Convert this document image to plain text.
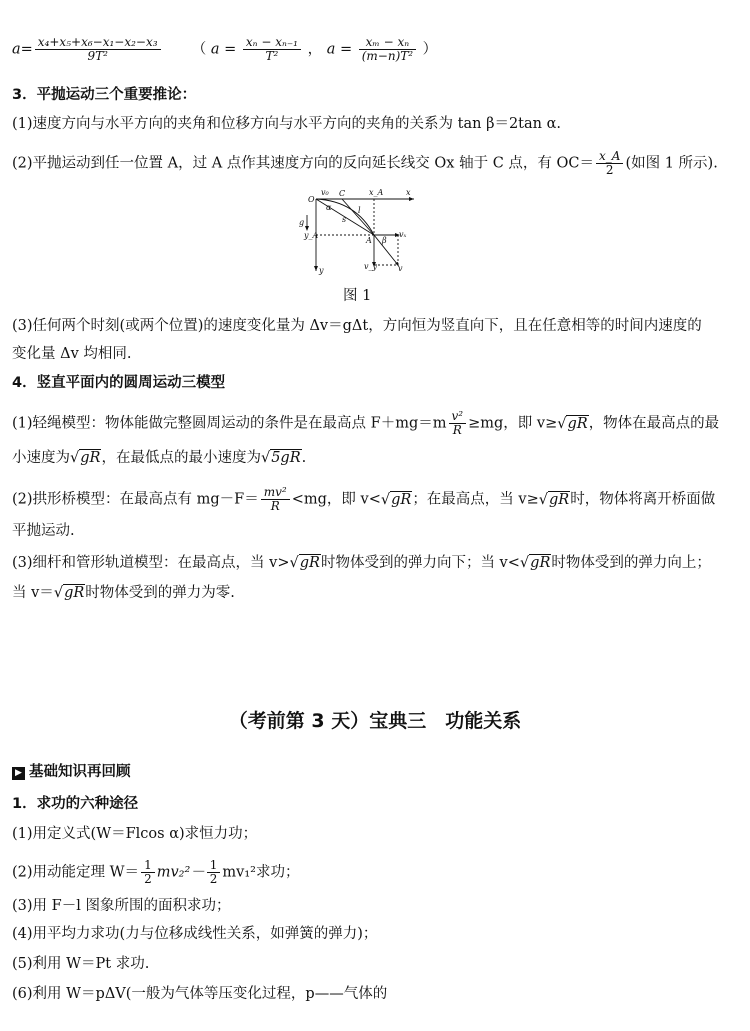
$a= \frac{\text{x₄+x₅+x₆−x₁−x₂−x₃}}{\text{9T²}}$ （ $a = \frac{\text{xₙ − xₙ₋₁}}{\text{T²}}$ ， $a = \frac{\text{xₘ − xₙ}}{\text{(m−n)T²}}$ ）
3．平抛运动三个重要推论：
(1)速度方向与水平方向的夹角和位移方向与水平方向的夹角的关系为 tan β＝2tan α.
(2)平抛运动到任一位置 A，过 A 点作其速度方向的反向延长线交 Ox 轴于 C 点，有 $OC= \frac{x\_A}{2}$ (如图 1 所示).
O
v₀ C	x_A	x
g
α
s
l
y_A
A β
vₓ
v_y	v
y
图 1
(3)任何两个时刻(或两个位置)的速度变化量为 Δv＝gΔt，方向恒为竖直向下，且在任意相等的时间内速度的
变化量 Δv 均相同.
4．竖直平面内的圆周运动三模型
(1)轻绳模型：物体能做完整圆周运动的条件是在最高点 $F+mg=m \frac{\text{v²}}{R} \ge mg$，即 v≥√gR，物体在最高点的最
小速度为√gR，在最低点的最小速度为√5gR.
(2)拱形桥模型：在最高点有 $mg-F= \frac{\text{mv²}}{R} <mg$，即 v<√gR；在最高点，当 v≥√gR时，物体将离开桥面做
平抛运动.
(3)细杆和管形轨道模型：在最高点，当 v>√gR时物体受到的弹力向下；当 v<√gR时物体受到的弹力向上；
当 v＝√gR时物体受到的弹力为零.
（考前第 3 天）宝典三　功能关系
▶ 基础知识再回顾
1．求功的六种途径
(1)用定义式(W＝Flcos α)求恒力功；
(2)用动能定理 $W= \frac{1}{2} mv_2^2- \frac{1}{2} mv_1^2$求功；
(3)用 F－l 图象所围的面积求功；
(4)用平均力求功(力与位移成线性关系，如弹簧的弹力)；
(5)利用 W＝Pt 求功.
(6)利用 W＝pΔV(一般为气体等压变化过程，p——气体的
